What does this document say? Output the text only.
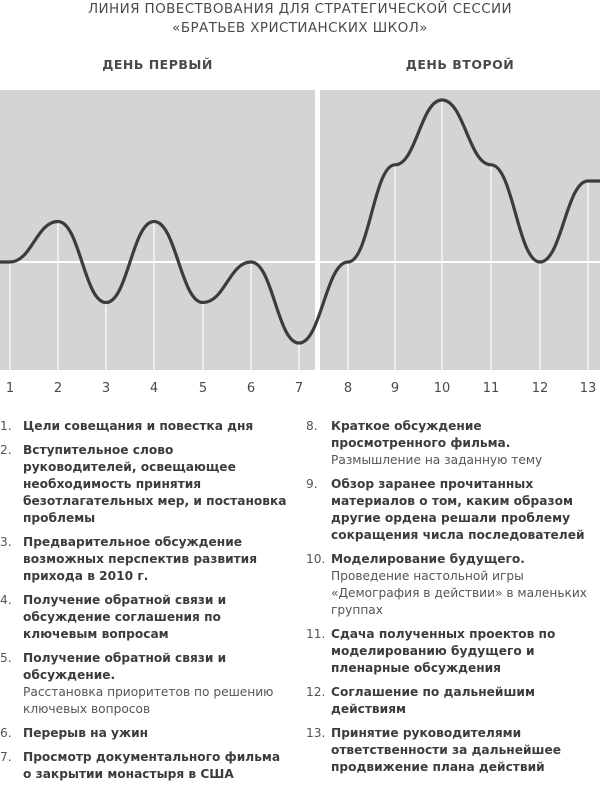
ЛИНИЯ ПОВЕСТВОВАНИЯ ДЛЯ СТРАТЕГИЧЕСКОЙ СЕССИИ
«БРАТЬЕВ ХРИСТИАНСКИХ ШКОЛ»
ДЕНЬ ПЕРВЫЙ	ДЕНЬ ВТОРОЙ
1	2	3	4	5	6	7	8	9	10 11 12 13
1. Цели совещания и повестка дня
2. Вступительное слово руководителей, освещающее необходимость принятия безотлагательных мер, и постановка проблемы
3. Предварительное обсуждение возможных перспектив развития прихода в 2010 г.
4. Получение обратной связи и обсуждение соглашения по ключевым вопросам
5. Получение обратной связи и обсуждение.
Расстановка приоритетов по решению ключевых вопросов
6. Перерыв на ужин
7. Просмотр документального фильма о закрытии монастыря в США
8. Краткое обсуждение просмотренного фильма.
Размышление на заданную тему
9. Обзор заранее прочитанных материалов о том, каким образом другие ордена решали проблему сокращения числа последователей
10. Моделирование будущего.
Проведение настольной игры «Демография в действии» в маленьких группах
11. Сдача полученных проектов по моделированию будущего и пленарные обсуждения
12. Соглашение по дальнейшим действиям
13. Принятие руководителями ответственности за дальнейшее продвижение плана действий
